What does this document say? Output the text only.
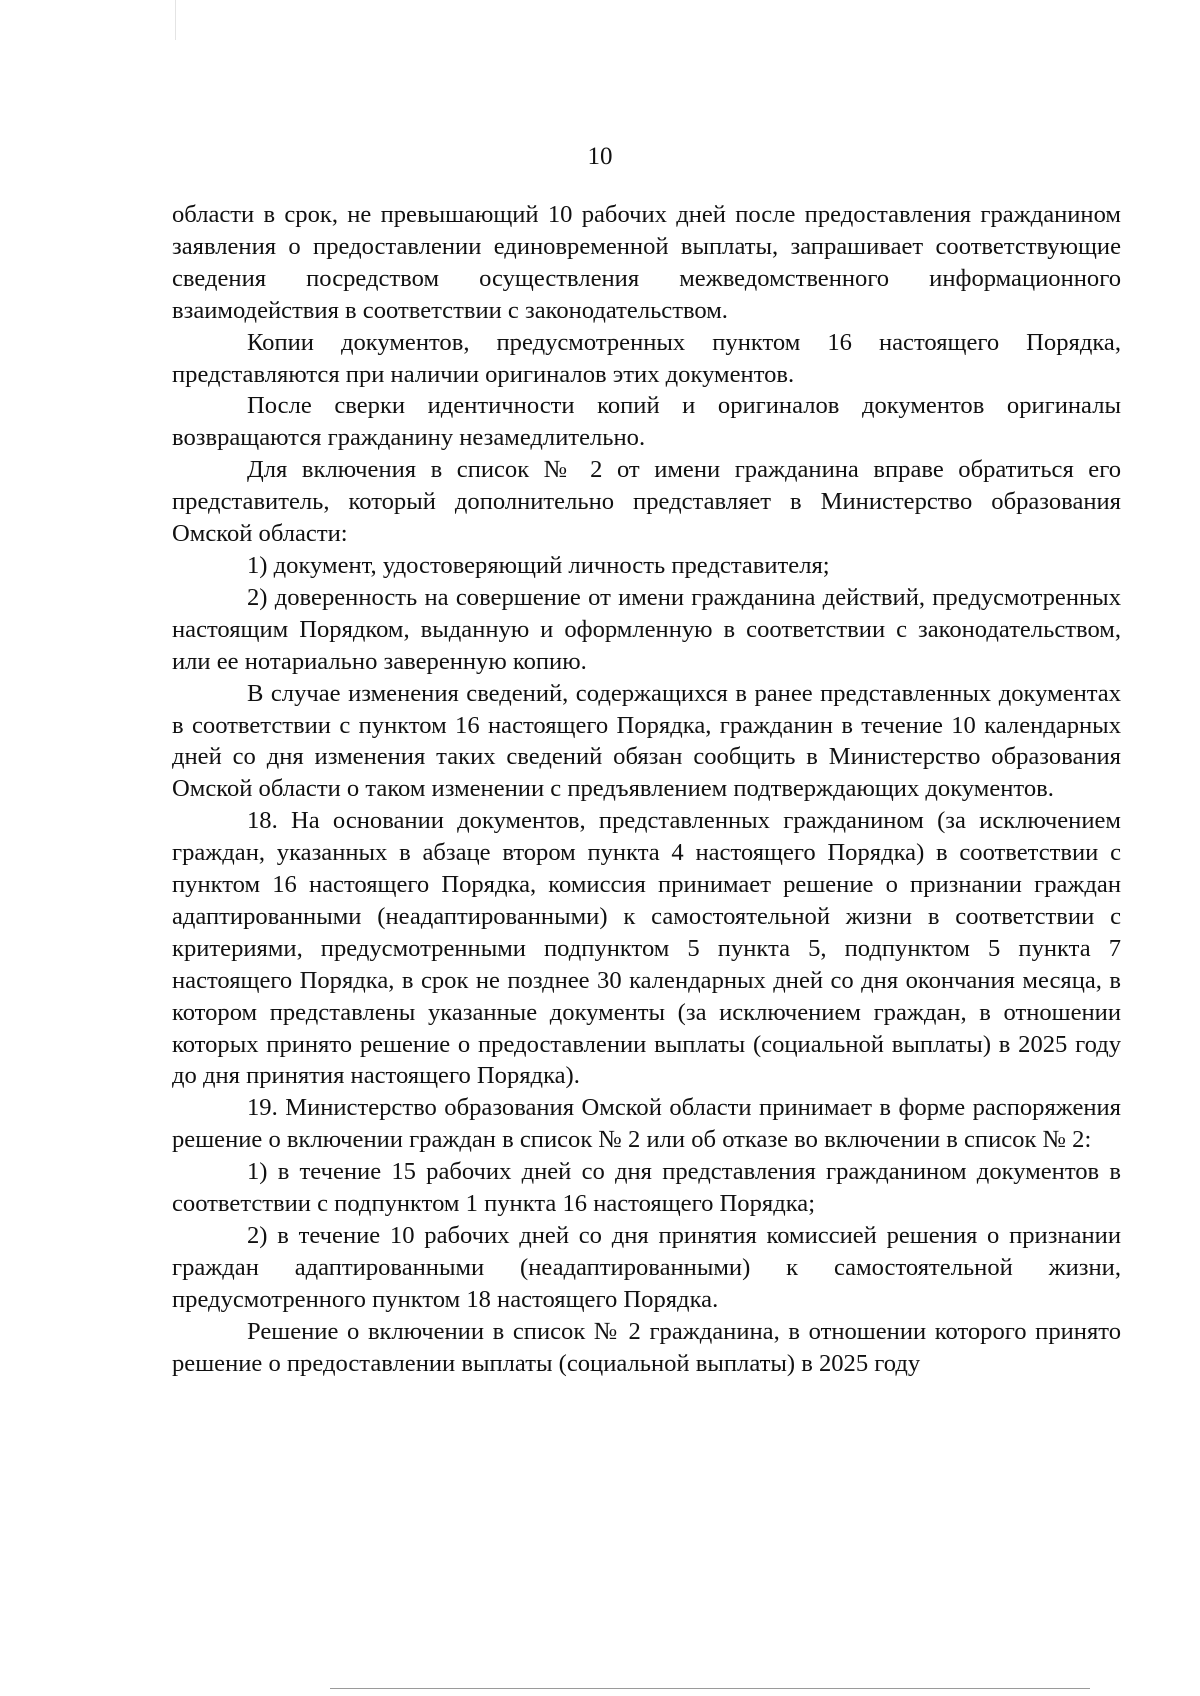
10

области в срок, не превышающий 10 рабочих дней после предоставления гражданином заявления о предоставлении единовременной выплаты, запрашивает соответствующие сведения посредством осуществления межведомственного информационного взаимодействия в соответствии с законодательством.

Копии документов, предусмотренных пунктом 16 настоящего Порядка, представляются при наличии оригиналов этих документов.

После сверки идентичности копий и оригиналов документов оригиналы возвращаются гражданину незамедлительно.

Для включения в список № 2 от имени гражданина вправе обратиться его представитель, который дополнительно представляет в Министерство образования Омской области:

1) документ, удостоверяющий личность представителя;

2) доверенность на совершение от имени гражданина действий, предусмотренных настоящим Порядком, выданную и оформленную в соответствии с законодательством, или ее нотариально заверенную копию.

В случае изменения сведений, содержащихся в ранее представленных документах в соответствии с пунктом 16 настоящего Порядка, гражданин в течение 10 календарных дней со дня изменения таких сведений обязан сообщить в Министерство образования Омской области о таком изменении с предъявлением подтверждающих документов.

18. На основании документов, представленных гражданином (за исключением граждан, указанных в абзаце втором пункта 4 настоящего Порядка) в соответствии с пунктом 16 настоящего Порядка, комиссия принимает решение о признании граждан адаптированными (неадаптированными) к самостоятельной жизни в соответствии с критериями, предусмотренными подпунктом 5 пункта 5, подпунктом 5 пункта 7 настоящего Порядка, в срок не позднее 30 календарных дней со дня окончания месяца, в котором представлены указанные документы (за исключением граждан, в отношении которых принято решение о предоставлении выплаты (социальной выплаты) в 2025 году до дня принятия настоящего Порядка).

19. Министерство образования Омской области принимает в форме распоряжения решение о включении граждан в список № 2 или об отказе во включении в список № 2:

1) в течение 15 рабочих дней со дня представления гражданином документов в соответствии с подпунктом 1 пункта 16 настоящего Порядка;

2) в течение 10 рабочих дней со дня принятия комиссией решения о признании граждан адаптированными (неадаптированными) к самостоятельной жизни, предусмотренного пунктом 18 настоящего Порядка.

Решение о включении в список № 2 гражданина, в отношении которого принято решение о предоставлении выплаты (социальной выплаты) в 2025 году
